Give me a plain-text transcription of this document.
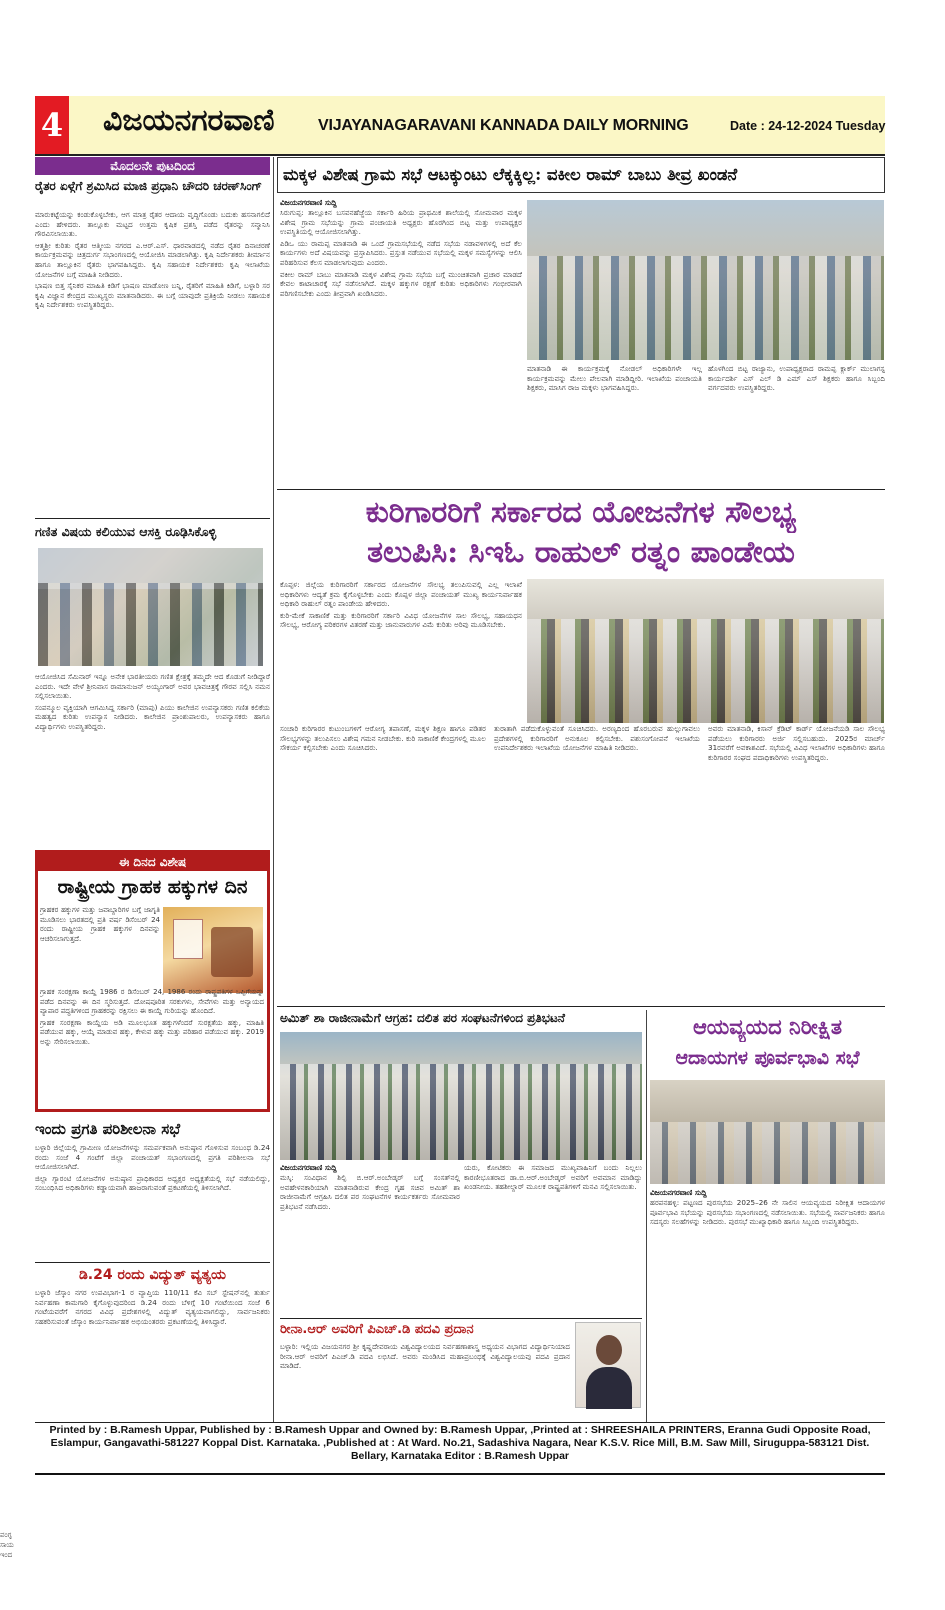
4 ವಿಜಯನಗರವಾಣಿ	VIJAYANAGARAVANI KANNADA DAILY MORNING	Date : 24-12-2024 Tuesday
ಮೊದಲನೇ ಪುಟದಿಂದ
ರೈತರ ಏಳ್ಗೆಗೆ ಶ್ರಮಿಸಿದ ಮಾಜಿ ಪ್ರಧಾನಿ ಚೌದರಿ ಚರಣ್‌ಸಿಂಗ್

ಮಾರುಕಟ್ಟೆಯನ್ನು ಕಂಡುಕೊಳ್ಳಬೇಕು, ಆಗ ಮಾತ್ರ ರೈತರ ಆದಾಯ ವೃದ್ಧಿಗೊಂಡು ಬದುಕು ಹಸನಾಗಲಿದೆ ಎಂದು ಹೇಳಿದರು. ತಾಲ್ಲೂಕು ಮಟ್ಟದ ಉತ್ತಮ ಕೃಷಿಕ ಪ್ರಶಸ್ತಿ ಪಡೆದ ರೈತರನ್ನು ಸನ್ಮಾನಿಸಿ ಗೌರವಿಸಲಾಯಿತು.

ಆತ್ಮಶ್ರೀ ಕುರಿತು ರೈತರ ಆತ್ಮೀಯ ನಗರದ ಎ.ಆರ್.ಎಸ್. ಧಾರವಾಡದಲ್ಲಿ ನಡೆದ ರೈತರ ದಿನಾಚರಣೆ ಕಾರ್ಯಕ್ರಮವನ್ನು ಚಿತ್ರದುರ್ಗ ಸಭಾಂಗಣದಲ್ಲಿ ಆಯೋಜಿಸಿ ಮಾಡಲಾಗಿತ್ತು. ಕೃಷಿ ನಿರ್ದೇಶಕರು ತೀರ್ಮಾನ ಹಾಗೂ ತಾಲ್ಲೂಕಿನ ರೈತರು ಭಾಗವಹಿಸಿದ್ದರು. ಕೃಷಿ ಸಹಾಯಕ ನಿರ್ದೇಶಕರು ಕೃಷಿ ಇಲಾಖೆಯ ಯೋಜನೆಗಳ ಬಗ್ಗೆ ಮಾಹಿತಿ ನೀಡಿದರು.

ಭಾಷಣ ಬಿತ್ತ ಸೈನಿಕರ ಮಾಹಿತಿ ಕಿಡಿಗೆ ಭಾಷಣ ಮಾಡೋಣ ಬನ್ನಿ, ರೈತರಿಗೆ ಮಾಹಿತಿ ಕಿಡಿಗೆ, ಬಳ್ಳಾರಿ ಸರ ಕೃಷಿ ವಿಜ್ಞಾನ ಕೇಂದ್ರದ ಮುಖ್ಯಸ್ಥರು ಮಾತನಾಡಿದರು. ಈ ಬಗ್ಗೆ ಯಾವುದೇ ಪ್ರತಿಕ್ರಿಯೆ ನೀಡಲು ಸಹಾಯಕ ಕೃಷಿ ನಿರ್ದೇಶಕರು ಉಪಸ್ಥಿತರಿದ್ದರು.

ಗಣಿತ ವಿಷಯ ಕಲಿಯುವ ಆಸಕ್ತಿ ರೂಢಿಸಿಕೊಳ್ಳಿ

ಆಯೋಜಿಸಿದ ಸೆಮಿನಾರ್ ಇನ್ನೂ ಅನೇಕ ಭಾರತೀಯರು ಗಣಿತ ಕ್ಷೇತ್ರಕ್ಕೆ ತಮ್ಮದೇ ಆದ ಕೊಡುಗೆ ನೀಡಿದ್ದಾರೆ ಎಂದರು. ಇದೇ ವೇಳೆ ಶ್ರೀನಿವಾಸ ರಾಮಾನುಜನ್ ಅಯ್ಯಂಗಾರ್ ಅವರ ಭಾವಚಿತ್ರಕ್ಕೆ ಗೌರವ ಸಲ್ಲಿಸಿ ನಮನ ಸಲ್ಲಿಸಲಾಯಿತು.

ಸಂಪನ್ಮೂಲ ವ್ಯಕ್ತಿಯಾಗಿ ಆಗಮಿಸಿದ್ದ ಸರ್ಕಾರಿ (ಮಾಪು) ಪಿಯು ಕಾಲೇಜಿನ ಉಪನ್ಯಾಸಕರು ಗಣಿತ ಕಲಿಕೆಯ ಮಹತ್ವದ ಕುರಿತು ಉಪನ್ಯಾಸ ನೀಡಿದರು. ಕಾಲೇಜಿನ ಪ್ರಾಂಶುಪಾಲರು, ಉಪನ್ಯಾಸಕರು ಹಾಗೂ ವಿದ್ಯಾರ್ಥಿಗಳು ಉಪಸ್ಥಿತರಿದ್ದರು.

ಈ ದಿನದ ವಿಶೇಷ
ರಾಷ್ಟ್ರೀಯ ಗ್ರಾಹಕ ಹಕ್ಕುಗಳ ದಿನ
ಗ್ರಾಹಕರ ಹಕ್ಕುಗಳ ಮತ್ತು ಜವಾಬ್ದಾರಿಗಳ ಬಗ್ಗೆ ಜಾಗೃತಿ ಮೂಡಿಸಲು ಭಾರತದಲ್ಲಿ ಪ್ರತಿ ವರ್ಷ ಡಿಸೆಂಬರ್ 24 ರಂದು ರಾಷ್ಟ್ರೀಯ ಗ್ರಾಹಕ ಹಕ್ಕುಗಳ ದಿನವನ್ನು ಆಚರಿಸಲಾಗುತ್ತದೆ.

ಗ್ರಾಹಕ ಸಂರಕ್ಷಣಾ ಕಾಯ್ದೆ 1986 ರ ಡಿಸೆಂಬರ್ 24, 1986 ರಂದು ರಾಷ್ಟ್ರಪತಿಗಳ ಒಪ್ಪಿಗೆಯನ್ನು ಪಡೆದ ದಿನವನ್ನು ಈ ದಿನ ಸ್ಮರಿಸುತ್ತದೆ. ದೋಷಪೂರಿತ ಸರಕುಗಳು, ಸೇವೆಗಳು ಮತ್ತು ಅನ್ಯಾಯದ ವ್ಯಾಪಾರ ಪದ್ಧತಿಗಳಿಂದ ಗ್ರಾಹಕರನ್ನು ರಕ್ಷಿಸಲು ಈ ಕಾಯ್ದೆ ಗುರಿಯನ್ನು ಹೊಂದಿದೆ.

ಗ್ರಾಹಕ ಸಂರಕ್ಷಣಾ ಕಾಯ್ದೆಯ ಅಡಿ ಮೂಲಭೂತ ಹಕ್ಕುಗಳೆಂದರೆ ಸುರಕ್ಷತೆಯ ಹಕ್ಕು, ಮಾಹಿತಿ ಪಡೆಯುವ ಹಕ್ಕು, ಆಯ್ಕೆ ಮಾಡುವ ಹಕ್ಕು, ಕೇಳುವ ಹಕ್ಕು ಮತ್ತು ಪರಿಹಾರ ಪಡೆಯುವ ಹಕ್ಕು. 2019 ಅನ್ನು ಸೇರಿಸಲಾಯಿತು.

ಇಂದು ಪ್ರಗತಿ ಪರಿಶೀಲನಾ ಸಭೆ

ಬಳ್ಳಾರಿ ಜಿಲ್ಲೆಯಲ್ಲಿ ಗ್ರಾಮೀಣ ಯೋಜನೆಗಳನ್ನು ಸಮರ್ಪಕವಾಗಿ ಅನುಷ್ಠಾನ ಗೊಳಿಸುವ ಸಂಬಂಧ ಡಿ.24 ರಂದು ಸಂಜೆ 4 ಗಂಟೆಗೆ ಜಿಲ್ಲಾ ಪಂಚಾಯತ್ ಸಭಾಂಗಣದಲ್ಲಿ ಪ್ರಗತಿ ಪರಿಶೀಲನಾ ಸಭೆ ಆಯೋಜಿಸಲಾಗಿದೆ.

ಜಿಲ್ಲಾ ಗ್ಯಾರಂಟಿ ಯೋಜನೆಗಳ ಅನುಷ್ಠಾನ ಪ್ರಾಧಿಕಾರದ ಅಧ್ಯಕ್ಷರ ಅಧ್ಯಕ್ಷತೆಯಲ್ಲಿ ಸಭೆ ನಡೆಯಲಿದ್ದು, ಸಂಬಂಧಿಸಿದ ಅಧಿಕಾರಿಗಳು ಕಡ್ಡಾಯವಾಗಿ ಹಾಜರಾಗುವಂತೆ ಪ್ರಕಟಣೆಯಲ್ಲಿ ತಿಳಿಸಲಾಗಿದೆ.

ಡಿ.24 ರಂದು ವಿದ್ಯುತ್ ವ್ಯತ್ಯಯ
ಬಳ್ಳಾರಿ ಜೆಸ್ಕಾಂ ನಗರ ಉಪವಿಭಾಗ-1 ರ ವ್ಯಾಪ್ತಿಯ 110/11 ಕೆವಿ ಸಬ್ ಸ್ಟೇಷನ್‌ನಲ್ಲಿ ತುರ್ತು ನಿರ್ವಹಣಾ ಕಾಮಗಾರಿ ಕೈಗೊಳ್ಳುವುದರಿಂದ ಡಿ.24 ರಂದು ಬೆಳಿಗ್ಗೆ 10 ಗಂಟೆಯಿಂದ ಸಂಜೆ 6 ಗಂಟೆಯವರೆಗೆ ನಗರದ ವಿವಿಧ ಪ್ರದೇಶಗಳಲ್ಲಿ ವಿದ್ಯುತ್ ವ್ಯತ್ಯಯವಾಗಲಿದ್ದು, ಸಾರ್ವಜನಿಕರು ಸಹಕರಿಸುವಂತೆ ಜೆಸ್ಕಾಂ ಕಾರ್ಯನಿರ್ವಾಹಕ ಅಭಿಯಂತರರು ಪ್ರಕಟಣೆಯಲ್ಲಿ ತಿಳಿಸಿದ್ದಾರೆ.
ಮಕ್ಕಳ ವಿಶೇಷ ಗ್ರಾಮ ಸಭೆ ಆಟಕ್ಕುಂಟು ಲೆಕ್ಕಕ್ಕಿಲ್ಲ: ವಕೀಲ ರಾಮ್ ಬಾಬು ತೀವ್ರ ಖಂಡನೆ
ವಿಜಯನಗರವಾಣಿ ಸುದ್ದಿ

ಸಿರುಗುಪ್ಪ: ತಾಲ್ಲೂಕಿನ ಬಸವನಹೆಜ್ಜೆಯ ಸರ್ಕಾರಿ ಹಿರಿಯ ಪ್ರಾಥಮಿಕ ಶಾಲೆಯಲ್ಲಿ ಸೋಮವಾರ ಮಕ್ಕಳ ವಿಶೇಷ ಗ್ರಾಮ ಸಭೆಯನ್ನು ಗ್ರಾಮ ಪಂಚಾಯತಿ ಅಧ್ಯಕ್ಷರು ಹೊರಗಿಂದ ಬಿಟ್ಟ ಮತ್ತು ಉಪಾಧ್ಯಕ್ಷರ ಉಪಸ್ಥಿತಿಯಲ್ಲಿ ಆಯೋಜಿಸಲಾಗಿತ್ತು.

ಪಿಡಿಒ ಯು ರಾಮಪ್ಪ ಮಾತನಾಡಿ ಈ ಒಂದೆ ಗ್ರಾಮಸಭೆಯಲ್ಲಿ ನಡೆದ ಸಭೆಯ ನಡಾವಳಿಗಳಲ್ಲಿ ಅದೆ ಕೆಲ ಕಾರ್ಯಗಳು ಅದೆ ವಿಷಯವನ್ನು ಪ್ರಸ್ತಾಪಿಸಿದರು. ಪ್ರಸ್ತುತ ನಡೆಯುವ ಸಭೆಯಲ್ಲಿ ಮಕ್ಕಳ ಸಮಸ್ಯೆಗಳನ್ನು ಆಲಿಸಿ ಪರಿಹರಿಸುವ ಕೆಲಸ ಮಾಡಲಾಗುವುದು ಎಂದರು.

ವಕೀಲ ರಾಮ್ ಬಾಬು ಮಾತನಾಡಿ ಮಕ್ಕಳ ವಿಶೇಷ ಗ್ರಾಮ ಸಭೆಯ ಬಗ್ಗೆ ಮುಂಚಿತವಾಗಿ ಪ್ರಚಾರ ಮಾಡದೆ ಕೇವಲ ಕಾಟಾಚಾರಕ್ಕೆ ಸಭೆ ನಡೆಸಲಾಗಿದೆ. ಮಕ್ಕಳ ಹಕ್ಕುಗಳ ರಕ್ಷಣೆ ಕುರಿತು ಅಧಿಕಾರಿಗಳು ಗಂಭೀರವಾಗಿ ಪರಿಗಣಿಸಬೇಕು ಎಂದು ತೀವ್ರವಾಗಿ ಖಂಡಿಸಿದರು.

ಮಾತನಾಡಿ ಈ ಕಾರ್ಯಕ್ರಮಕ್ಕೆ ನೋಡಲ್ ಅಧಿಕಾರಿಗಳೇ ಇಲ್ಲ ಕಾರ್ಯಕ್ರಮವನ್ನು ಮೇಲು ಪೇಲವಾಗಿ ಮಾಡಿದ್ದೀರಿ. ಇಲಾಖೆಯ ಪಂಚಾಯತಿ ಶಿಕ್ಷಕರು, ಮಾಸಿಗ ರಾಜ ಮಕ್ಕಳು ಭಾಗವಹಿಸಿದ್ದರು.
ಹೊಳಗಿಂದ ಬಿಟ್ಟ ರಾಜ್ಯಾನು, ಉಪಾಧ್ಯಕ್ಷರಾದ ರಾಮಪ್ಪ ಕ್ಲಾರ್ಕ್ ಮುಲಾಗಸ್ಟ ಕಾರ್ಯದರ್ಶಿ ಎಸ್ ಎಲ್ ಡಿ ಎಮ್ ಎಸ್ ಶಿಕ್ಷಕರು ಹಾಗೂ ಸಿಬ್ಬಂದಿ ವರ್ಗದವರು ಉಪಸ್ಥಿತರಿದ್ದರು.
ಕುರಿಗಾರರಿಗೆ ಸರ್ಕಾರದ ಯೋಜನೆಗಳ ಸೌಲಭ್ಯ
ತಲುಪಿಸಿ: ಸಿಇಓ ರಾಹುಲ್ ರತ್ನಂ ಪಾಂಡೇಯ

ಕೊಪ್ಪಳ: ಜಿಲ್ಲೆಯ ಕುರಿಗಾರರಿಗೆ ಸರ್ಕಾರದ ಯೋಜನೆಗಳ ಸೌಲಭ್ಯ ತಲುಪಿಸುವಲ್ಲಿ ಎಲ್ಲ ಇಲಾಖೆ ಅಧಿಕಾರಿಗಳು ಆದ್ಯತೆ ಕ್ರಮ ಕೈಗೊಳ್ಳಬೇಕು ಎಂದು ಕೊಪ್ಪಳ ಜಿಲ್ಲಾ ಪಂಚಾಯತ್ ಮುಖ್ಯ ಕಾರ್ಯನಿರ್ವಾಹಕ ಅಧಿಕಾರಿ ರಾಹುಲ್ ರತ್ನಂ ಪಾಂಡೇಯ ಹೇಳಿದರು.

ಕುರಿ-ಮೇಕೆ ಸಾಕಾಣಿಕೆ ಮತ್ತು ಕುರಿಗಾರರಿಗೆ ಸರ್ಕಾರಿ ವಿವಿಧ ಯೋಜನೆಗಳ ಸಾಲ ಸೌಲಭ್ಯ, ಸಹಾಯಧನ ಸೌಲಭ್ಯ, ಆರೋಗ್ಯ ಪರಿಕರಗಳ ವಿತರಣೆ ಮತ್ತು ಜಾನುವಾರುಗಳ ವಿಮೆ ಕುರಿತು ಅರಿವು ಮೂಡಿಸಬೇಕು.

ಸಂಚಾರಿ ಕುರಿಗಾರರ ಕುಟುಂಬಗಳಿಗೆ ಆರೋಗ್ಯ ತಪಾಸಣೆ, ಮಕ್ಕಳ ಶಿಕ್ಷಣ ಹಾಗೂ ಪಡಿತರ ಸೌಲಭ್ಯಗಳನ್ನು ತಲುಪಿಸಲು ವಿಶೇಷ ಗಮನ ನೀಡಬೇಕು. ಕುರಿ ಸಾಕಾಣಿಕೆ ಕೇಂದ್ರಗಳಲ್ಲಿ ಮೂಲ ಸೌಕರ್ಯ ಕಲ್ಪಿಸಬೇಕು ಎಂದು ಸೂಚಿಸಿದರು.

ತುರಾತಾಗಿ ಪಡೆದುಕೊಳ್ಳುವಂತೆ ಸೂಚಿಸಿದರು. ಅರಣ್ಯದಿಂದ ಹೊರಬರುವ ಹುಲ್ಲುಗಾವಲು ಪ್ರದೇಶಗಳಲ್ಲಿ ಕುರಿಗಾರರಿಗೆ ಅನುಕೂಲ ಕಲ್ಪಿಸಬೇಕು. ಪಶುಸಂಗೋಪನೆ ಇಲಾಖೆಯ ಉಪನಿರ್ದೇಶಕರು ಇಲಾಖೆಯ ಯೋಜನೆಗಳ ಮಾಹಿತಿ ನೀಡಿದರು.

ಅವರು ಮಾತನಾಡಿ, ಕಿಸಾನ್ ಕ್ರೆಡಿಟ್ ಕಾರ್ಡ್ ಯೋಜನೆಯಡಿ ಸಾಲ ಸೌಲಭ್ಯ ಪಡೆಯಲು ಕುರಿಗಾರರು ಅರ್ಜಿ ಸಲ್ಲಿಸಬಹುದು. 2025ರ ಮಾರ್ಚ್ 31ರವರೆಗೆ ಅವಕಾಶವಿದೆ. ಸಭೆಯಲ್ಲಿ ವಿವಿಧ ಇಲಾಖೆಗಳ ಅಧಿಕಾರಿಗಳು ಹಾಗೂ ಕುರಿಗಾರರ ಸಂಘದ ಪದಾಧಿಕಾರಿಗಳು ಉಪಸ್ಥಿತರಿದ್ದರು.
ಅಮಿತ್ ಶಾ ರಾಜೀನಾಮೆಗೆ ಆಗ್ರಹ: ದಲಿತ ಪರ ಸಂಘಟನೆಗಳಿಂದ ಪ್ರತಿಭಟನೆ
ವಿಜಯನಗರವಾಣಿ ಸುದ್ದಿ
ಮಸ್ಕಿ: ಸಂವಿಧಾನ ಶಿಲ್ಪಿ ಬಿ.ಆರ್.ಅಂಬೇಡ್ಕರ್ ಬಗ್ಗೆ ಸಂಸತ್‌ನಲ್ಲಿ ಅವಹೇಳನಕಾರಿಯಾಗಿ ಮಾತನಾಡಿರುವ ಕೇಂದ್ರ ಗೃಹ ಸಚಿವ ಅಮಿತ್ ಶಾ ರಾಜೀನಾಮೆಗೆ ಆಗ್ರಹಿಸಿ ದಲಿತ ಪರ ಸಂಘಟನೆಗಳ ಕಾರ್ಯಕರ್ತರು ಸೋಮವಾರ ಪ್ರತಿಭಟನೆ ನಡೆಸಿದರು.
ಯರು, ಕೋಟಿಕರು ಈ ಸಮಾಜದ ಮುಖ್ಯವಾಹಿನಿಗೆ ಬಂದು ನಿಲ್ಲಲು ಕಾರಣೀಭೂತರಾದ ಡಾ.ಬಿ.ಆರ್.ಅಂಬೇಡ್ಕರ್ ಅವರಿಗೆ ಅವಮಾನ ಮಾಡಿದ್ದು ಖಂಡನೀಯ. ತಹಶೀಲ್ದಾರ್ ಮೂಲಕ ರಾಷ್ಟ್ರಪತಿಗಳಿಗೆ ಮನವಿ ಸಲ್ಲಿಸಲಾಯಿತು.
ರೀನಾ.ಆರ್ ಅವರಿಗೆ ಪಿಎಚ್.ಡಿ ಪದವಿ ಪ್ರದಾನ
ಬಳ್ಳಾರಿ: ಇಲ್ಲಿಯ ವಿಜಯನಗರ ಶ್ರೀ ಕೃಷ್ಣದೇವರಾಯ ವಿಶ್ವವಿದ್ಯಾಲಯದ ನಿರ್ವಹಣಾಶಾಸ್ತ್ರ ಅಧ್ಯಯನ ವಿಭಾಗದ ವಿದ್ಯಾರ್ಥಿನಿಯಾದ ರೀನಾ.ಆರ್ ಅವರಿಗೆ ಪಿಎಚ್.ಡಿ ಪದವಿ ಲಭಿಸಿದೆ. ಅವರು ಮಂಡಿಸಿದ ಮಹಾಪ್ರಬಂಧಕ್ಕೆ ವಿಶ್ವವಿದ್ಯಾಲಯವು ಪದವಿ ಪ್ರದಾನ ಮಾಡಿದೆ.
ಆಯವ್ಯಯದ ನಿರೀಕ್ಷಿತ
ಆದಾಯಗಳ ಪೂರ್ವಭಾವಿ ಸಭೆ
ವಿಜಯನಗರವಾಣಿ ಸುದ್ದಿ
ಹರಪನಹಳ್ಳಿ: ಪಟ್ಟಣದ ಪುರಸಭೆಯ 2025–26 ನೇ ಸಾಲಿನ ಆಯವ್ಯಯದ ನಿರೀಕ್ಷಿತ ಆದಾಯಗಳ ಪೂರ್ವಭಾವಿ ಸಭೆಯನ್ನು ಪುರಸಭೆಯ ಸಭಾಂಗಣದಲ್ಲಿ ನಡೆಸಲಾಯಿತು. ಸಭೆಯಲ್ಲಿ ಸಾರ್ವಜನಿಕರು ಹಾಗೂ ಸದಸ್ಯರು ಸಲಹೆಗಳನ್ನು ನೀಡಿದರು. ಪುರಸಭೆ ಮುಖ್ಯಾಧಿಕಾರಿ ಹಾಗೂ ಸಿಬ್ಬಂದಿ ಉಪಸ್ಥಿತರಿದ್ದರು.
Printed by : B.Ramesh Uppar, Published by : B.Ramesh Uppar and Owned by: B.Ramesh Uppar, ,Printed at : SHREESHAILA PRINTERS, Eranna Gudi Opposite Road,
Eslampur, Gangavathi-581227 Koppal Dist. Karnataka. ,Published at : At Ward. No.21, Sadashiva Nagara, Near K.S.V. Rice Mill, B.M. Saw Mill, Siruguppa-583121 Dist.
Bellary, Karnataka Editor : B.Ramesh Uppar
ಪಂಗ್ಳ ಸಾಯ ಇಂದ
